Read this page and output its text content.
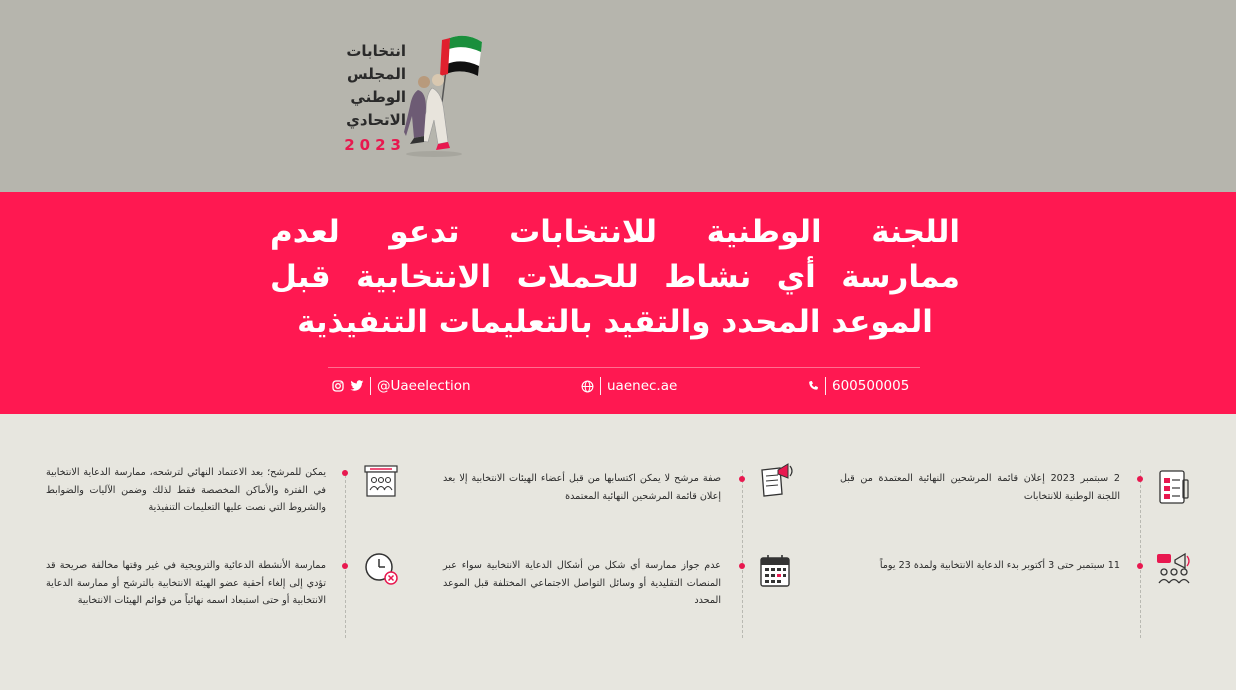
انتخابات
المجلس
الوطني
الاتحادي
2023
اللجنة الوطنية للانتخابات تدعو لعدم
ممارسة أي نشاط للحملات الانتخابية قبل
الموعد المحدد والتقيد بالتعليمات التنفيذية
@Uaeelection	uaenec.ae	600500005
2 سبتمبر 2023 إعلان قائمة المرشحين النهائية المعتمدة من قبل اللجنة الوطنية للانتخابات
11 سبتمبر حتى 3 أكتوبر بدء الدعاية الانتخابية ولمدة 23 يوماً
صفة مرشح لا يمكن اكتسابها من قبل أعضاء الهيئات الانتخابية إلا بعد إعلان قائمة المرشحين النهائية المعتمدة
عدم جواز ممارسة أي شكل من أشكال الدعاية الانتخابية سواء عبر المنصات التقليدية أو وسائل التواصل الاجتماعي المختلفة قبل الموعد المحدد
يمكن للمرشح؛ بعد الاعتماد النهائي لترشحه، ممارسة الدعاية الانتخابية في الفترة والأماكن المخصصة فقط لذلك وضمن الآليات والضوابط والشروط التي نصت عليها التعليمات التنفيذية
ممارسة الأنشطة الدعائية والترويجية في غير وقتها مخالفة صريحة قد تؤدي إلى إلغاء أحقية عضو الهيئة الانتخابية بالترشح أو ممارسة الدعاية الانتخابية أو حتى استبعاد اسمه نهائياً من قوائم الهيئات الانتخابية
